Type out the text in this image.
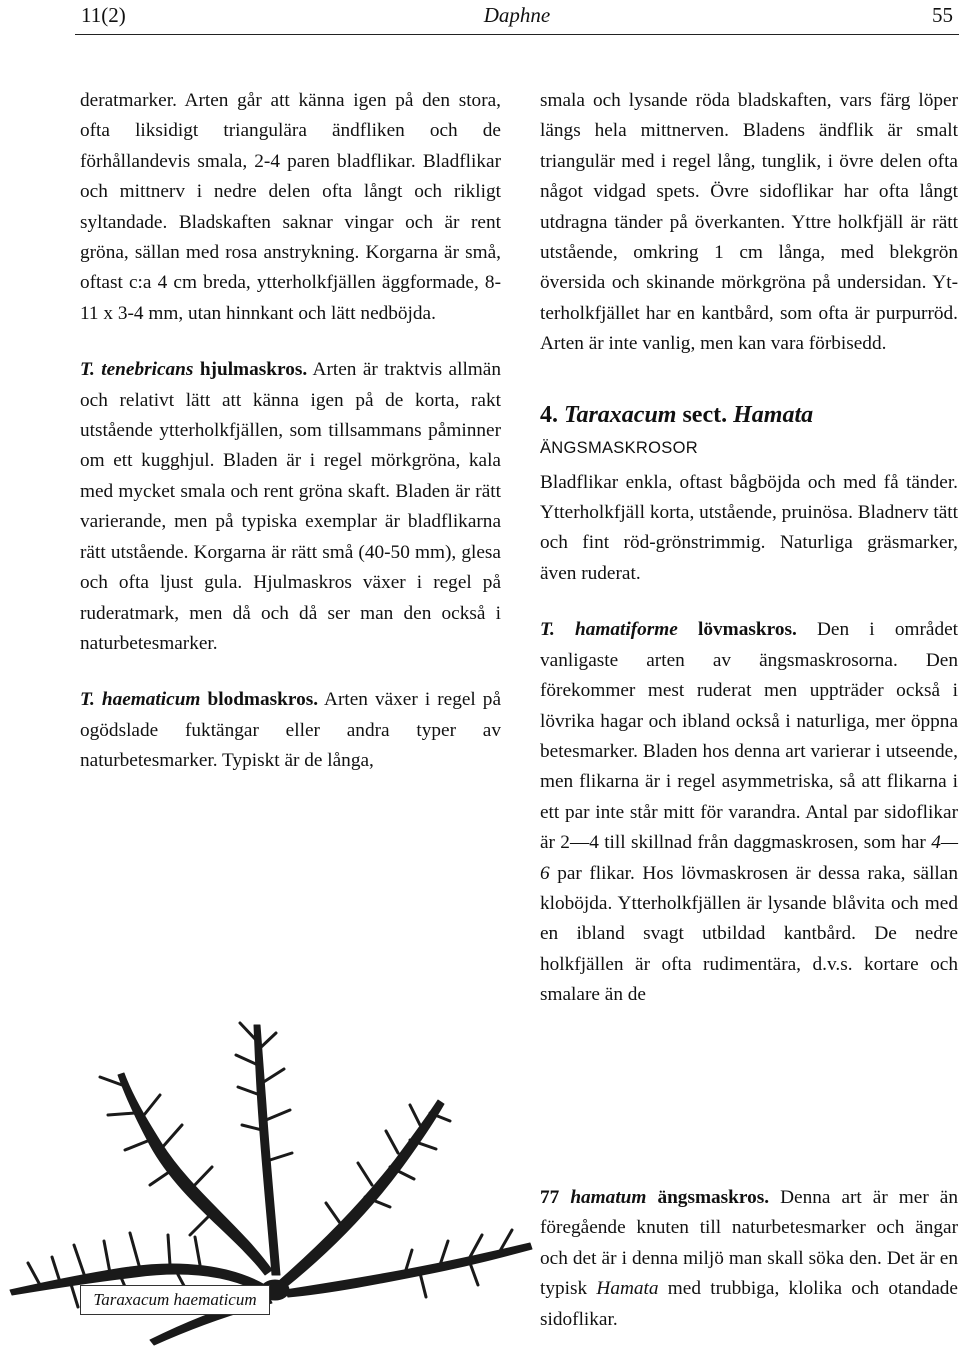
11(2)	Daphne	55

deratmarker. Arten går att känna igen på den stora, ofta liksidigt triangulära ändfliken och de förhållandevis smala, 2-4 paren bladflikar. Bladflikar och mittnerv i nedre delen ofta långt och rikligt syltandade. Bladskaften saknar vingar och är rent gröna, sällan med rosa anstrykning. Korgarna är små, oftast c:a 4 cm breda, ytterholkfjällen äggformade, 8-11 x 3-4 mm, utan hinnkant och lätt nedböjda.

T. tenebricans hjulmaskros. Arten är traktvis allmän och relativt lätt att känna igen på de korta, rakt utstående ytterholkfjällen, som tillsammans påminner om ett kugghjul. Bladen är i regel mörkgröna, kala med mycket smala och rent gröna skaft. Bladen är rätt varierande, men på typiska exemplar är bladflikarna rätt utstående. Korgarna är rätt små (40-50 mm), glesa och ofta ljust gula. Hjulmaskros växer i regel på ruderatmark, men då och då ser man den också i naturbetesmarker.

T. haematicum blodmaskros. Arten växer i regel på ogödslade fuktängar eller andra typer av naturbetesmarker. Typiskt är de långa,

smala och lysande röda bladskaften, vars färg löper längs hela mittnerven. Bladens ändflik är smalt triangulär med i regel lång, tunglik, i övre delen ofta något vidgad spets. Övre sidoflikar har ofta långt utdragna tänder på överkanten. Yttre holkfjäll är rätt utstående, omkring 1 cm långa, med blekgrön översida och skinande mörkgröna på undersidan. Ytterholkfjället har en kantbård, som ofta är purpurröd. Arten är inte vanlig, men kan vara förbisedd.

4. Taraxacum sect. Hamata

ÄNGSMASKROSOR

Bladflikar enkla, oftast bågböjda och med få tänder. Ytterholkfjäll korta, utstående, pruinösa. Bladnerv tätt och fint röd-grönstrimmig. Naturliga gräsmarker, även ruderat.

T. hamatiforme lövmaskros. Den i området vanligaste arten av ängsmaskrosorna. Den förekommer mest ruderat men uppträder också i lövrika hagar och ibland också i naturliga, mer öppna betesmarker. Bladen hos denna art varierar i utseende, men flikarna är i regel asymmetriska, så att flikarna i ett par inte står mitt för varandra. Antal par sidoflikar är 2—4 till skillnad från daggmaskrosen, som har 4—6 par flikar. Hos lövmaskrosen är dessa raka, sällan kloböjda. Ytterholkfjällen är lysande blåvita och med en ibland svagt utbildad kantbård. De nedre holkfjällen är ofta rudimentära, d.v.s. kortare och smalare än de

77 hamatum ängsmaskros. Denna art är mer än föregående knuten till naturbetesmarker och ängar och det är i denna miljö man skall söka den. Det är en typisk Hamata med trubbiga, klolika och otandade sidoflikar.

Taraxacum haematicum
